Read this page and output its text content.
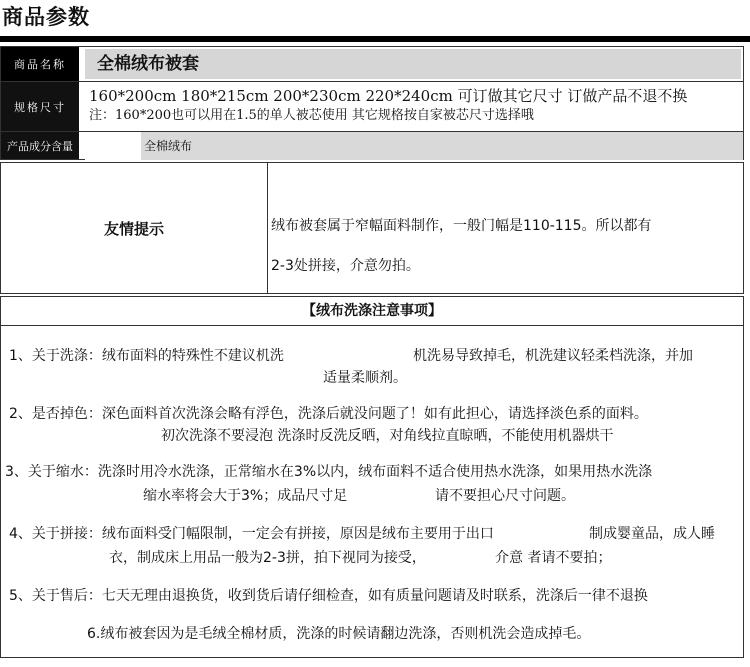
商品参数
商品名称	全棉绒布被套
规格尺寸
160*200cm 180*215cm 200*230cm 220*240cm 可订做其它尺寸 订做产品不退不换
注：160*200也可以用在1.5的单人被芯使用 其它规格按自家被芯尺寸选择哦
产品成分含量	全棉绒布
友情提示	绒布被套属于窄幅面料制作，一般门幅是110-115。所以都有
2-3处拼接，介意勿拍。
【绒布洗涤注意事项】
1、关于洗涤：绒布面料的特殊性不建议机洗	机洗易导致掉毛，机洗建议轻柔档洗涤，并加
适量柔顺剂。
2、是否掉色：深色面料首次洗涤会略有浮色，洗涤后就没问题了！如有此担心，请选择淡色系的面料。
初次洗涤不要浸泡 洗涤时反洗反晒，对角线拉直晾晒，不能使用机器烘干
3、关于缩水：洗涤时用冷水洗涤，正常缩水在3%以内，绒布面料不适合使用热水洗涤，如果用热水洗涤
缩水率将会大于3%；成品尺寸足	请不要担心尺寸问题。
4、关于拼接：绒布面料受门幅限制，一定会有拼接，原因是绒布主要用于出口	制成婴童品，成人睡
衣，制成床上用品一般为2-3拼，拍下视同为接受，	介意 者请不要拍；
5、关于售后：七天无理由退换货，收到货后请仔细检查，如有质量问题请及时联系，洗涤后一律不退换
6.绒布被套因为是毛绒全棉材质，洗涤的时候请翻边洗涤，否则机洗会造成掉毛。
